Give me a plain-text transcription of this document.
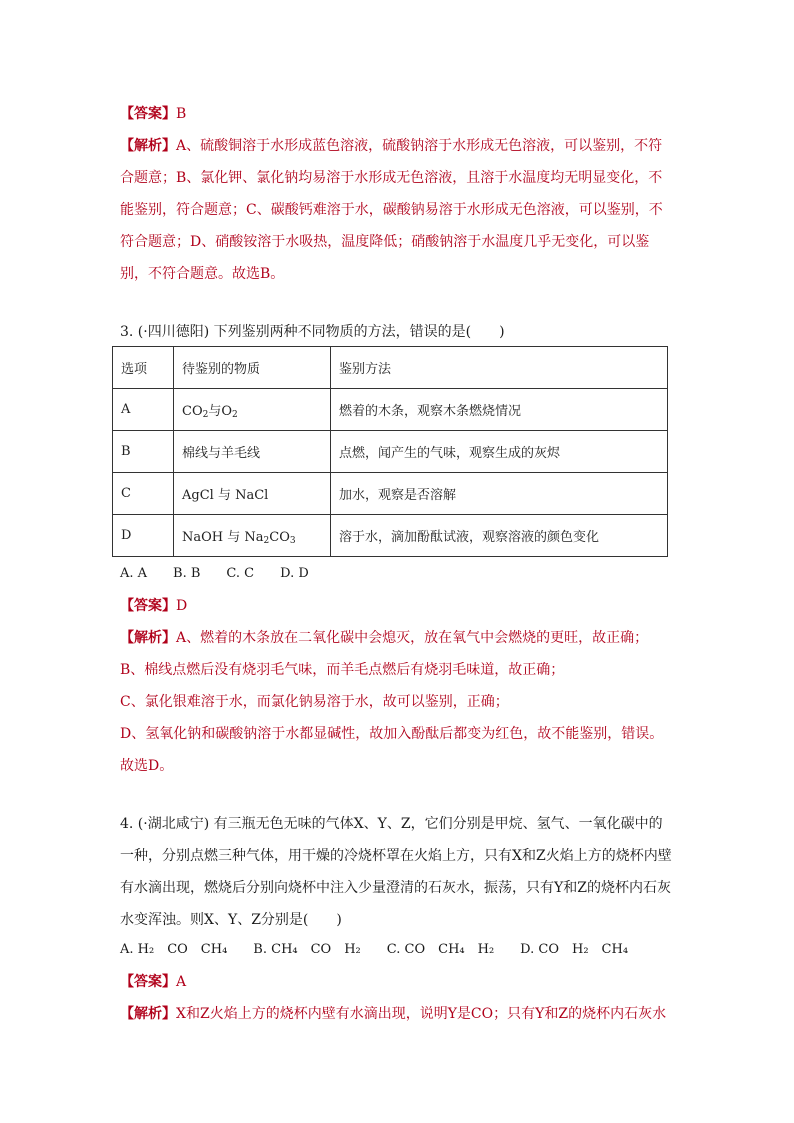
【答案】B
【解析】A、硫酸铜溶于水形成蓝色溶液，硫酸钠溶于水形成无色溶液，可以鉴别，不符合题意；B、氯化钾、氯化钠均易溶于水形成无色溶液，且溶于水温度均无明显变化，不能鉴别，符合题意；C、碳酸钙难溶于水，碳酸钠易溶于水形成无色溶液，可以鉴别，不符合题意；D、硝酸铵溶于水吸热，温度降低；硝酸钠溶于水温度几乎无变化，可以鉴别，不符合题意。故选B。
3. (·四川德阳) 下列鉴别两种不同物质的方法，错误的是(　　)
选项	待鉴别的物质	鉴别方法
A	$CO_2$与$O_2$	燃着的木条，观察木条燃烧情况
B	棉线与羊毛线	点燃，闻产生的气味，观察生成的灰烬
C	AgCl 与 NaCl	加水，观察是否溶解
D	NaOH 与 $Na_2CO_3$	溶于水，滴加酚酞试液，观察溶液的颜色变化
A. A　　B. B　　C. C　　D. D
【答案】D
【解析】A、燃着的木条放在二氧化碳中会熄灭，放在氧气中会燃烧的更旺，故正确；
B、棉线点燃后没有烧羽毛气味，而羊毛点燃后有烧羽毛味道，故正确；
C、氯化银难溶于水，而氯化钠易溶于水，故可以鉴别，正确；
D、氢氧化钠和碳酸钠溶于水都显碱性，故加入酚酞后都变为红色，故不能鉴别，错误。故选D。
4. (·湖北咸宁) 有三瓶无色无味的气体X、Y、Z，它们分别是甲烷、氢气、一氧化碳中的一种，分别点燃三种气体，用干燥的冷烧杯罩在火焰上方，只有X和Z火焰上方的烧杯内壁有水滴出现，燃烧后分别向烧杯中注入少量澄清的石灰水，振荡，只有Y和Z的烧杯内石灰水变浑浊。则X、Y、Z分别是(　　)
A. H₂　CO　CH₄　　B. CH₄　CO　H₂　　C. CO　CH₄　H₂　　D. CO　H₂　CH₄
【答案】A
【解析】X和Z火焰上方的烧杯内壁有水滴出现，说明Y是CO；只有Y和Z的烧杯内石灰水
